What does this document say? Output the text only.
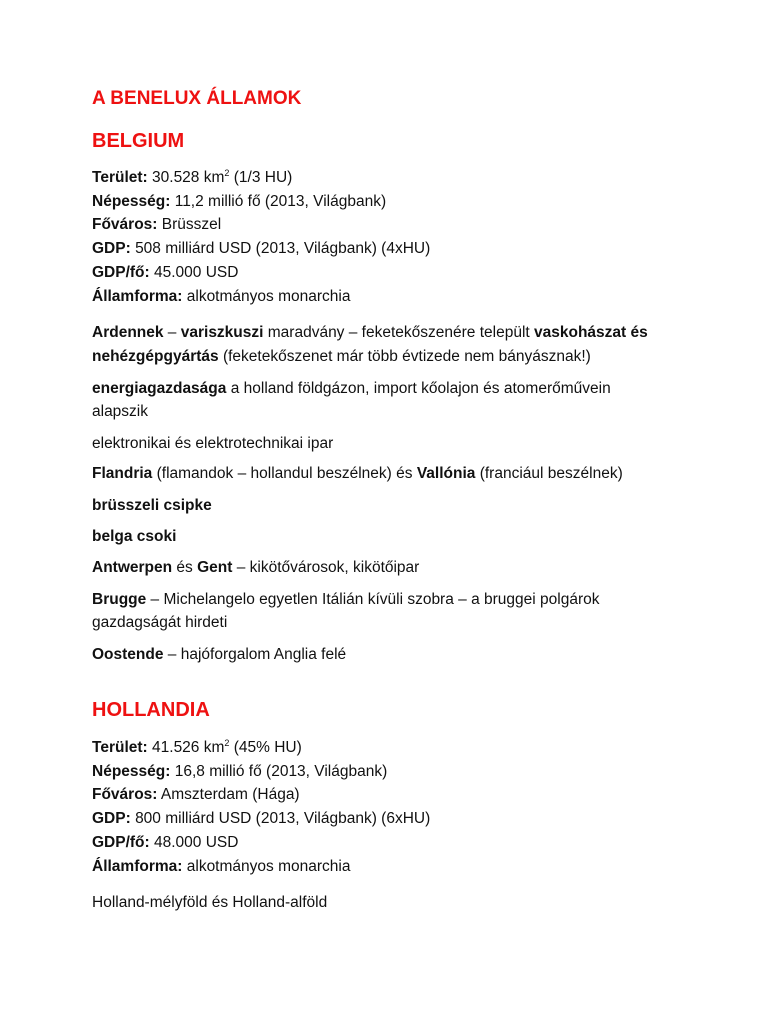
A BENELUX ÁLLAMOK
BELGIUM
Terület: 30.528 $km^2$ (1/3 HU)
Népesség: 11,2 millió fő (2013, Világbank)
Főváros: Brüsszel
GDP: 508 milliárd USD (2013, Világbank) (4xHU)
GDP/fő: 45.000 USD
Államforma: alkotmányos monarchia
Ardennek – variszkuszi maradvány – feketekőszenére települt vaskohászat és
nehézgépgyártás (feketekőszenet már több évtizede nem bányásznak!)
energiagazdasága a holland földgázon, import kőolajon és atomerőművein
alapszik
elektronikai és elektrotechnikai ipar
Flandria (flamandok – hollandul beszélnek) és Vallónia (franciául beszélnek)
brüsszeli csipke
belga csoki
Antwerpen és Gent – kikötővárosok, kikötőipar
Brugge – Michelangelo egyetlen Itálián kívüli szobra – a bruggei polgárok
gazdagságát hirdeti
Oostende – hajóforgalom Anglia felé
HOLLANDIA
Terület: 41.526 $km^2$ (45% HU)
Népesség: 16,8 millió fő (2013, Világbank)
Főváros: Amszterdam (Hága)
GDP: 800 milliárd USD (2013, Világbank) (6xHU)
GDP/fő: 48.000 USD
Államforma: alkotmányos monarchia
Holland-mélyföld és Holland-alföld
